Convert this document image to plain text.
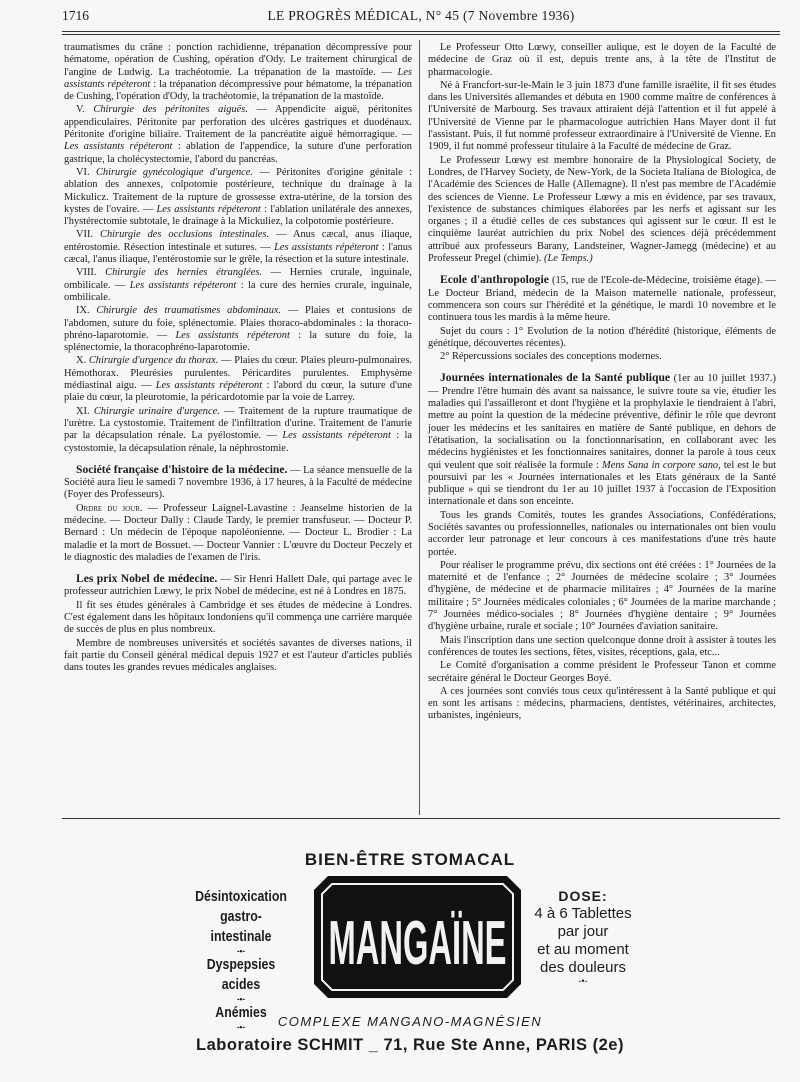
1716	LE PROGRÈS MÉDICAL, N° 45 (7 Novembre 1936)

traumatismes du crâne : ponction rachidienne, trépanation décompressive pour hématome, opération de Cushing, opération d'Ody. Le traitement chirurgical de l'angine de Ludwig. La trachéotomie. La trépanation de la mastoïde. — Les assistants répéteront : la trépanation décompressive pour hématome, la trépanation de Cushing, l'opération d'Ody, la trachéotomie, la trépanation de la mastoïde.

V. Chirurgie des péritonites aiguës. — Appendicite aiguë, péritonites appendiculaires. Péritonite par perforation des ulcères gastriques et duodénaux. Péritonite d'origine biliaire. Traitement de la pancréatite aiguë hémorragique. — Les assistants répéteront : ablation de l'appendice, la suture d'une perforation gastrique, la cholécystectomie, l'abord du pancréas.

VI. Chirurgie gynécologique d'urgence. — Péritonites d'origine génitale : ablation des annexes, colpotomie postérieure, technique du drainage à la Mickulicz. Traitement de la rupture de grossesse extra-utérine, de la torsion des kystes de l'ovaire. — Les assistants répéteront : l'ablation unilatérale des annexes, l'hystérectomie subtotale, le drainage à la Mickuliez, la colpotomie postérieure.

VII. Chirurgie des occlusions intestinales. — Anus cæcal, anus iliaque, entérostomie. Résection intestinale et sutures. — Les assistants répéteront : l'anus cæcal, l'anus iliaque, l'entérostomie sur le grêle, la résection et la suture intestinale.

VIII. Chirurgie des hernies étranglées. — Hernies crurale, inguinale, ombilicale. — Les assistants répéteront : la cure des hernies crurale, inguinale, ombilicale.

IX. Chirurgie des traumatismes abdominaux. — Plaies et contusions de l'abdomen, suture du foie, splénectomie. Plaies thoraco-abdominales : la thoraco-phréno-laparotomie. — Les assistants répéteront : la suture du foie, la splénectomie, la thoracophréno-laparotomie.

X. Chirurgie d'urgence du thorax. — Plaies du cœur. Plaies pleuro-pulmonaires. Hémothorax. Pleurésies purulentes. Péricardites purulentes. Emphysème médiastinal aigu. — Les assistants répéteront : l'abord du cœur, la suture d'une plaie du cœur, la pleurotomie, la péricardotomie par la voie de Larrey.

XI. Chirurgie urinaire d'urgence. — Traitement de la rupture traumatique de l'urètre. La cystostomie. Traitement de l'infiltration d'urine. Traitement de l'anurie par la décapsulation rénale. La pyélostomie. — Les assistants répéteront : la cystostomie, la décapsulation rénale, la néphrostomie.

Société française d'histoire de la médecine. — La séance mensuelle de la Société aura lieu le samedi 7 novembre 1936, à 17 heures, à la Faculté de médecine (Foyer des Professeurs).

Ordre du jour. — Professeur Laignel-Lavastine : Jeanselme historien de la médecine. — Docteur Dally : Claude Tardy, le premier transfuseur. — Docteur P. Bernard : Un médecin de l'époque napoléonienne. — Docteur L. Brodier : La maladie et la mort de Bossuet. — Docteur Vannier : L'œuvre du Docteur Peczely et le diagnostic des maladies de l'examen de l'iris.

Les prix Nobel de médecine. — Sir Henri Hallett Dale, qui partage avec le professeur autrichien Lœwy, le prix Nobel de médecine, est né à Londres en 1875.

Il fit ses études générales à Cambridge et ses études de médecine à Londres. C'est également dans les hôpitaux londoniens qu'il commença une carrière marquée de succès de plus en plus nombreux.

Membre de nombreuses universités et sociétés savantes de diverses nations, il fait partie du Conseil général médical depuis 1927 et est l'auteur d'articles publiés dans toutes les grandes revues médicales anglaises.

Le Professeur Otto Lœwy, conseiller aulique, est le doyen de la Faculté de médecine de Graz où il est, depuis trente ans, à la tête de l'Institut de pharmacologie.

Né à Francfort-sur-le-Main le 3 juin 1873 d'une famille israélite, il fit ses études dans les Universités allemandes et débuta en 1900 comme maître de conférences à l'Université de Marbourg. Ses travaux attiraient déjà l'attention et il fut appelé à l'Université de Vienne par le pharmacologue autrichien Hans Mayer dont il fut l'assistant. Puis, il fut nommé professeur extraordinaire à l'Université de Vienne. En 1909, il fut nommé professeur titulaire à la Faculté de médecine de Graz.

Le Professeur Lœwy est membre honoraire de la Physiological Society, de Londres, de l'Harvey Society, de New-York, de la Societa Italiana de Biologica, de l'Académie des Sciences de Halle (Allemagne). Il n'est pas membre de l'Académie des sciences de Vienne. Le Professeur Lœwy a mis en évidence, par ses travaux, l'existence de substances chimiques élaborées par les nerfs et agissant sur les organes ; il a étudié celles de ces substances qui agissent sur le cœur. Il est le cinquième lauréat autrichien du prix Nobel des sciences déjà précédemment attribué aux professeurs Barany, Landsteiner, Wagner-Jamegg (médecine) et au Professeur Pregel (chimie). (Le Temps.)

Ecole d'anthropologie (15, rue de l'Ecole-de-Médecine, troisième étage). — Le Docteur Briand, médecin de la Maison maternelle nationale, professeur, commencera son cours sur l'hérédité et la génétique, le mardi 10 novembre et le continuera tous les mardis à la même heure.

Sujet du cours : 1° Evolution de la notion d'hérédité (historique, éléments de génétique, découvertes récentes).

2° Répercussions sociales des conceptions modernes.

Journées internationales de la Santé publique (1er au 10 juillet 1937.) — Prendre l'être humain dès avant sa naissance, le suivre toute sa vie, étudier les maladies qui l'assailleront et dont l'hygiène et la prophylaxie le tiendraient à l'abri, mettre au point la question de la médecine préventive, définir le rôle que devront jouer les médecins et les sanitaires en matière de Santé publique, en dehors de l'étatisation, la socialisation ou la fonctionnarisation, en collaborant avec les médecins hygiénistes et les fonctionnaires sanitaires, donner la parole à tous ceux qui veulent que soit réalisée la formule : Mens Sana in corpore sano, tel est le but poursuivi par les « Journées internationales et les Etats généraux de la Santé publique » qui se tiendront du 1er au 10 juillet 1937 à l'occasion de l'Exposition internationale et dans son enceinte.

Tous les grands Comités, toutes les grandes Associations, Confédérations, Sociétés savantes ou professionnelles, nationales ou internationales ont bien voulu accorder leur patronage et leur concours à ces manifestations d'une très haute portée.

Pour réaliser le programme prévu, dix sections ont été créées : 1° Journées de la maternité et de l'enfance ; 2° Journées de médecine scolaire ; 3° Journées d'hygiène, de médecine et de pharmacie militaires ; 4° Journées de la marine militaire ; 5° Journées médicales coloniales ; 6° Journées de la marine marchande ; 7° Journées médico-sociales ; 8° Journées d'hygiène dentaire ; 9° Journées d'hygiène urbaine, rurale et sociale ; 10° Journées d'aviation sanitaire.

Mais l'inscription dans une section quelconque donne droit à assister à toutes les conférences de toutes les sections, fêtes, visites, réceptions, gala, etc...

Le Comité d'organisation a comme président le Professeur Tanon et comme secrétaire général le Docteur Georges Boyé.

A ces journées sont conviés tous ceux qu'intéressent à la Santé publique et qui en sont les artisans : médecins, pharmaciens, dentistes, vétérinaires, architectes, urbanistes, ingénieurs,

BIEN-ÊTRE STOMACAL
Désintoxication
gastro-intestinale
-•-
Dyspepsies acides
-•-
Anémies
-•-
MANGAÏNE
DOSE:
4 à 6 Tablettes
par jour
et au moment
des douleurs
-•-
COMPLEXE MANGANO-MAGNÉSIEN
Laboratoire SCHMIT _ 71, Rue Ste Anne, PARIS (2e)
